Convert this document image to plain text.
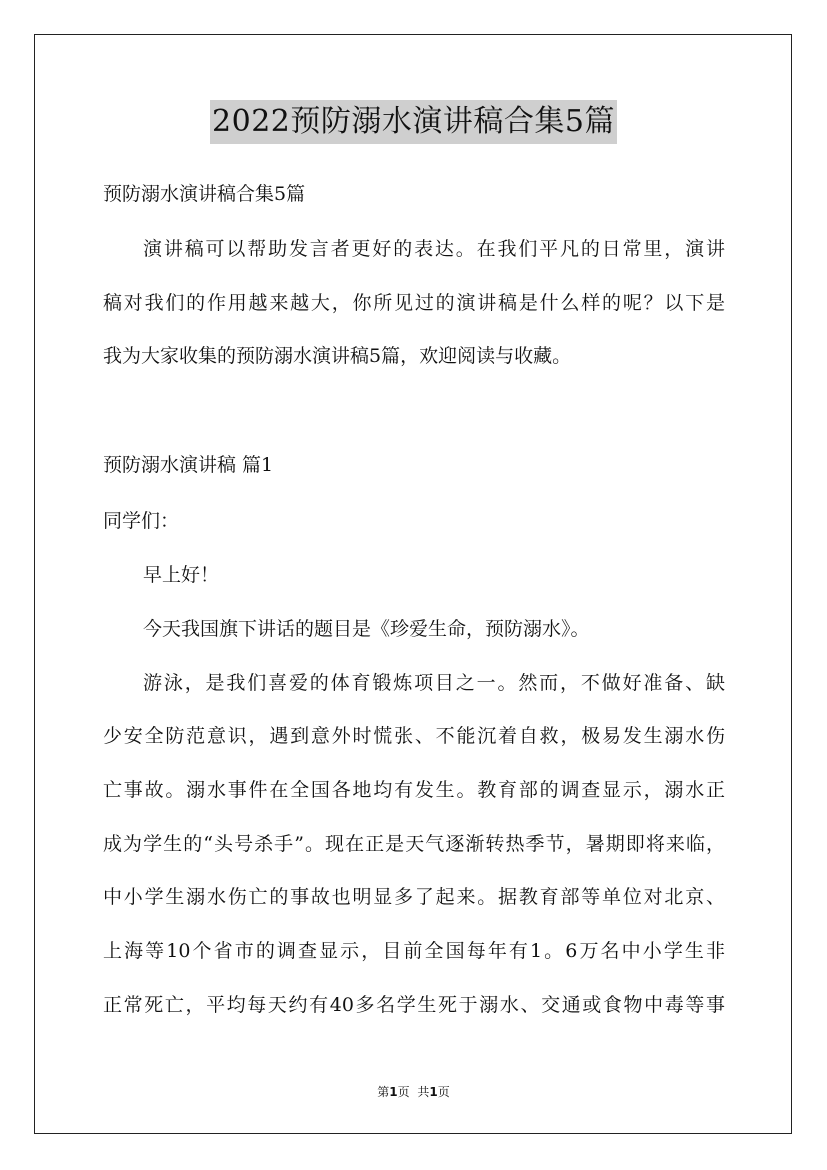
2022预防溺水演讲稿合集5篇
预防溺水演讲稿合集5篇
演讲稿可以帮助发言者更好的表达。在我们平凡的日常里，演讲
稿对我们的作用越来越大，你所见过的演讲稿是什么样的呢？以下是
我为大家收集的预防溺水演讲稿5篇，欢迎阅读与收藏。
预防溺水演讲稿 篇1
同学们：
早上好！
今天我国旗下讲话的题目是《珍爱生命，预防溺水》。
游泳，是我们喜爱的体育锻炼项目之一。然而，不做好准备、缺
少安全防范意识，遇到意外时慌张、不能沉着自救，极易发生溺水伤
亡事故。溺水事件在全国各地均有发生。教育部的调查显示，溺水正
成为学生的“头号杀手”。现在正是天气逐渐转热季节，暑期即将来临，
中小学生溺水伤亡的事故也明显多了起来。据教育部等单位对北京、
上海等10个省市的调查显示，目前全国每年有1。6万名中小学生非
正常死亡，平均每天约有40多名学生死于溺水、交通或食物中毒等事
第1页 共1页
